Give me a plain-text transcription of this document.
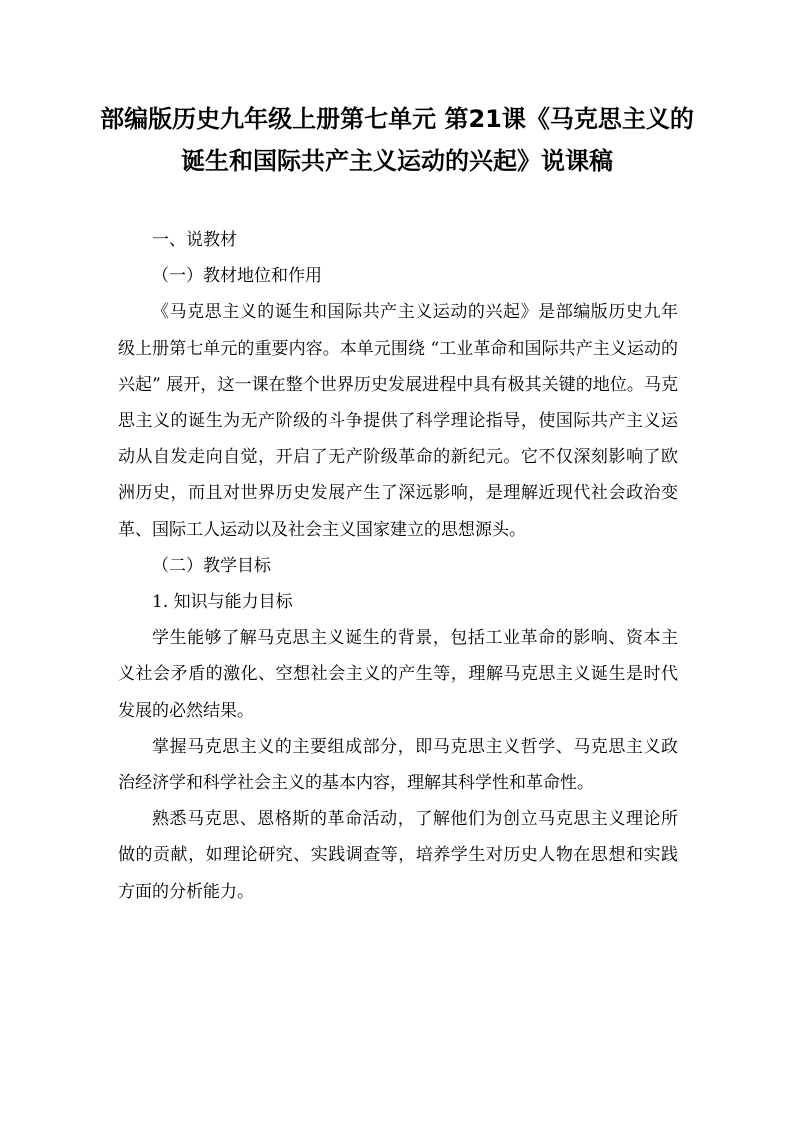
部编版历史九年级上册第七单元 第21课《马克思主义的诞生和国际共产主义运动的兴起》说课稿

一、说教材

（一）教材地位和作用

《马克思主义的诞生和国际共产主义运动的兴起》是部编版历史九年级上册第七单元的重要内容。本单元围绕 “工业革命和国际共产主义运动的兴起” 展开，这一课在整个世界历史发展进程中具有极其关键的地位。马克思主义的诞生为无产阶级的斗争提供了科学理论指导，使国际共产主义运动从自发走向自觉，开启了无产阶级革命的新纪元。它不仅深刻影响了欧洲历史，而且对世界历史发展产生了深远影响，是理解近现代社会政治变革、国际工人运动以及社会主义国家建立的思想源头。

（二）教学目标

1. 知识与能力目标

学生能够了解马克思主义诞生的背景，包括工业革命的影响、资本主义社会矛盾的激化、空想社会主义的产生等，理解马克思主义诞生是时代发展的必然结果。

掌握马克思主义的主要组成部分，即马克思主义哲学、马克思主义政治经济学和科学社会主义的基本内容，理解其科学性和革命性。

熟悉马克思、恩格斯的革命活动，了解他们为创立马克思主义理论所做的贡献，如理论研究、实践调查等，培养学生对历史人物在思想和实践方面的分析能力。
